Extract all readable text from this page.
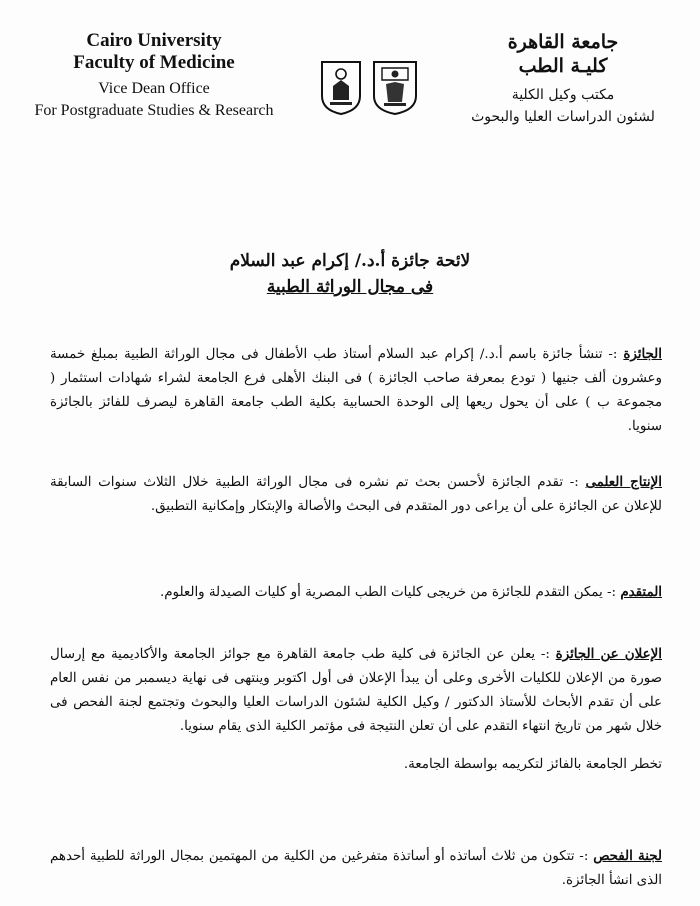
Cairo University
Faculty of Medicine
Vice Dean Office
For Postgraduate Studies & Research
جامعة القاهرة
كليـة الطب
مكتب وكيل الكلية
لشئون الدراسات العليا والبحوث
لائحة جائزة أ.د./ إكرام عبد السلام
فى مجال الوراثة الطبية

الجائزة :- تنشأ جائزة باسم أ.د./ إكرام عبد السلام أستاذ طب الأطفال فى مجال الوراثة الطبية بمبلغ خمسة وعشرون ألف جنيها ( تودع بمعرفة صاحب الجائزة ) فى البنك الأهلى فرع الجامعة لشراء شهادات استثمار ( مجموعة ب ) على أن يحول ريعها إلى الوحدة الحسابية بكلية الطب جامعة القاهرة ليصرف للفائز بالجائزة سنويا.

الإنتاج العلمى :- تقدم الجائزة لأحسن بحث تم نشره فى مجال الوراثة الطبية خلال الثلاث سنوات السابقة للإعلان عن الجائزة على أن يراعى دور المتقدم فى البحث والأصالة والإبتكار وإمكانية التطبيق.

المتقدم :- يمكن التقدم للجائزة من خريجى كليات الطب المصرية أو كليات الصيدلة والعلوم.

الإعلان عن الجائزة :- يعلن عن الجائزة فى كلية طب جامعة القاهرة مع جوائز الجامعة والأكاديمية مع إرسال صورة من الإعلان للكليات الأخرى وعلى أن يبدأ الإعلان فى أول اكتوبر وينتهى فى نهاية ديسمبر من نفس العام على أن تقدم الأبحاث للأستاذ الدكتور / وكيل الكلية لشئون الدراسات العليا والبحوث وتجتمع لجنة الفحص فى خلال شهر من تاريخ انتهاء التقدم على أن تعلن النتيجة فى مؤتمر الكلية الذى يقام سنويا.

تخطر الجامعة بالفائز لتكريمه بواسطة الجامعة.

لجنة الفحص :- تتكون من ثلاث أساتذه أو أساتذة متفرغين من الكلية من المهتمين بمجال الوراثة للطبية أحدهم الذى انشأ الجائزة.
